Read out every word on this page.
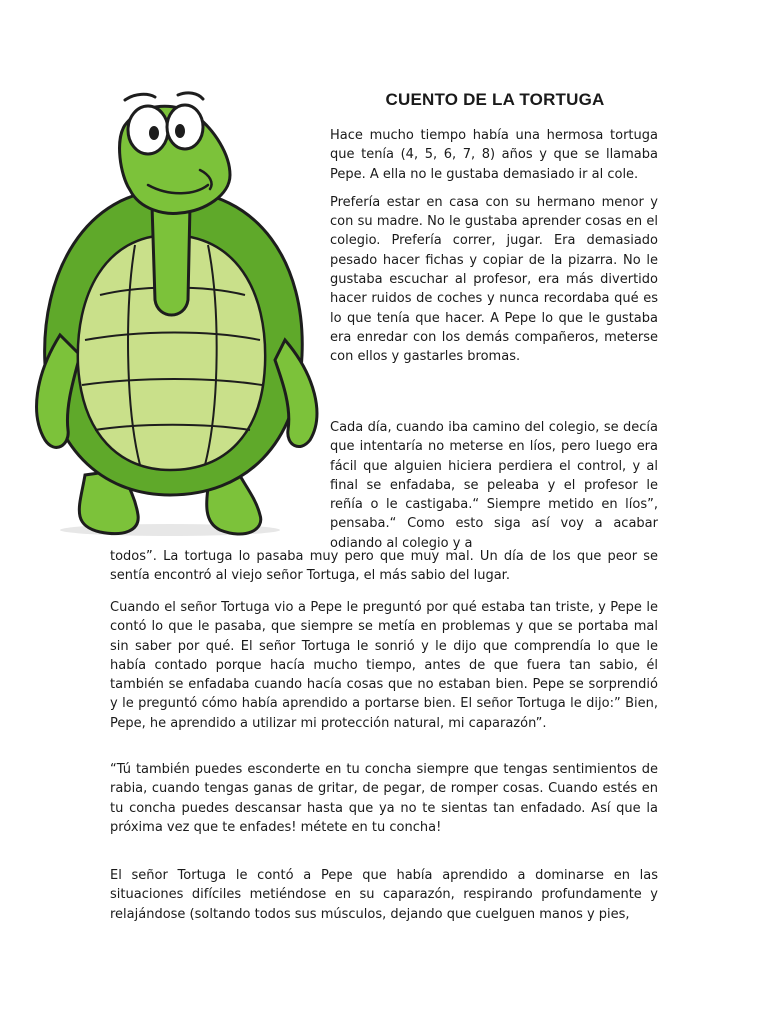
CUENTO DE LA TORTUGA

Hace mucho tiempo había una hermosa tortuga que tenía (4, 5, 6, 7, 8) años y que se llamaba Pepe. A ella no le gustaba demasiado ir al cole.

Prefería estar en casa con su hermano menor y con su madre. No le gustaba aprender cosas en el colegio. Prefería correr, jugar. Era demasiado pesado hacer fichas y copiar de la pizarra. No le gustaba escuchar al profesor, era más divertido hacer ruidos de coches y nunca recordaba qué es lo que tenía que hacer. A Pepe lo que le gustaba era enredar con los demás compañeros, meterse con ellos y gastarles bromas.

Cada día, cuando iba camino del colegio, se decía que intentaría no meterse en líos, pero luego era fácil que alguien hiciera perdiera el control, y al final se enfadaba, se peleaba y el profesor le reñía o le castigaba.“ Siempre metido en líos”, pensaba.“ Como esto siga así voy a acabar odiando al colegio y a

todos”. La tortuga lo pasaba muy pero que muy mal. Un día de los que peor se sentía encontró al viejo señor Tortuga, el más sabio del lugar.

Cuando el señor Tortuga vio a Pepe le preguntó por qué estaba tan triste, y Pepe le contó lo que le pasaba, que siempre se metía en problemas y que se portaba mal sin saber por qué. El señor Tortuga le sonrió y le dijo que comprendía lo que le había contado porque hacía mucho tiempo, antes de que fuera tan sabio, él también se enfadaba cuando hacía cosas que no estaban bien. Pepe se sorprendió y le preguntó cómo había aprendido a portarse bien. El señor Tortuga le dijo:” Bien, Pepe, he aprendido a utilizar mi protección natural, mi caparazón”.

“Tú también puedes esconderte en tu concha siempre que tengas sentimientos de rabia, cuando tengas ganas de gritar, de pegar, de romper cosas. Cuando estés en tu concha puedes descansar hasta que ya no te sientas tan enfadado. Así que la próxima vez que te enfades! métete en tu concha!

El señor Tortuga le contó a Pepe que había aprendido a dominarse en las situaciones difíciles metiéndose en su caparazón, respirando profundamente y relajándose (soltando todos sus músculos, dejando que cuelguen manos y pies,
